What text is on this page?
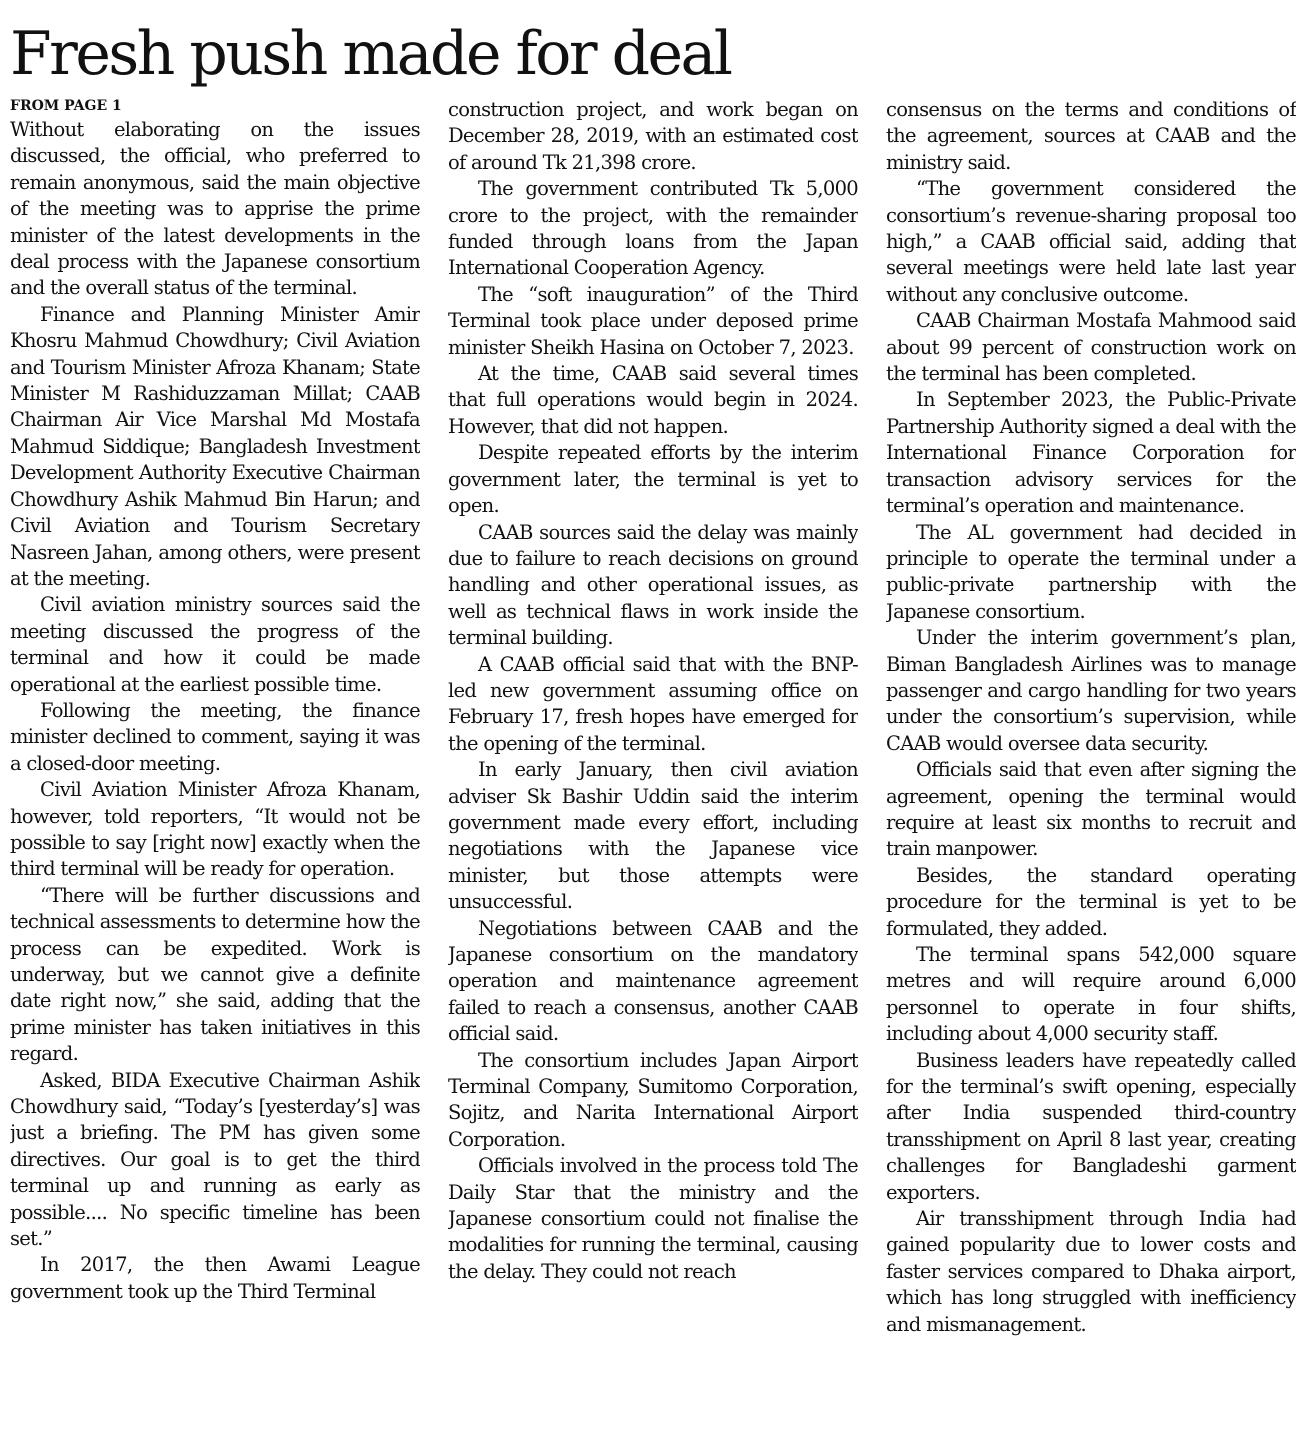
Fresh push made for deal
FROM PAGE 1

Without elaborating on the issues discussed, the official, who preferred to remain anonymous, said the main objective of the meeting was to apprise the prime minister of the latest developments in the deal process with the Japanese consortium and the overall status of the terminal.

Finance and Planning Minister Amir Khosru Mahmud Chowdhury; Civil Aviation and Tourism Minister Afroza Khanam; State Minister M Rashiduzzaman Millat; CAAB Chairman Air Vice Marshal Md Mostafa Mahmud Siddique; Bangladesh Investment Development Authority Executive Chairman Chowdhury Ashik Mahmud Bin Harun; and Civil Aviation and Tourism Secretary Nasreen Jahan, among others, were present at the meeting.

Civil aviation ministry sources said the meeting discussed the progress of the terminal and how it could be made operational at the earliest possible time.

Following the meeting, the finance minister declined to comment, saying it was a closed-door meeting.

Civil Aviation Minister Afroza Khanam, however, told reporters, “It would not be possible to say [right now] exactly when the third terminal will be ready for operation.

“There will be further discussions and technical assessments to determine how the process can be expedited. Work is underway, but we cannot give a definite date right now,” she said, adding that the prime minister has taken initiatives in this regard.

Asked, BIDA Executive Chairman Ashik Chowdhury said, “Today’s [yesterday’s] was just a briefing. The PM has given some directives. Our goal is to get the third terminal up and running as early as possible.... No specific timeline has been set.”

In 2017, the then Awami League government took up the Third Terminal

construction project, and work began on December 28, 2019, with an estimated cost of around Tk 21,398 crore.

The government contributed Tk 5,000 crore to the project, with the remainder funded through loans from the Japan International Cooperation Agency.

The “soft inauguration” of the Third Terminal took place under deposed prime minister Sheikh Hasina on October 7, 2023.

At the time, CAAB said several times that full operations would begin in 2024. However, that did not happen.

Despite repeated efforts by the interim government later, the terminal is yet to open.

CAAB sources said the delay was mainly due to failure to reach decisions on ground handling and other operational issues, as well as technical flaws in work inside the terminal building.

A CAAB official said that with the BNP-led new government assuming office on February 17, fresh hopes have emerged for the opening of the terminal.

In early January, then civil aviation adviser Sk Bashir Uddin said the interim government made every effort, including negotiations with the Japanese vice minister, but those attempts were unsuccessful.

Negotiations between CAAB and the Japanese consortium on the mandatory operation and maintenance agreement failed to reach a consensus, another CAAB official said.

The consortium includes Japan Airport Terminal Company, Sumitomo Corporation, Sojitz, and Narita International Airport Corporation.

Officials involved in the process told The Daily Star that the ministry and the Japanese consortium could not finalise the modalities for running the terminal, causing the delay. They could not reach

consensus on the terms and conditions of the agreement, sources at CAAB and the ministry said.

“The government considered the consortium’s revenue-sharing proposal too high,” a CAAB official said, adding that several meetings were held late last year without any conclusive outcome.

CAAB Chairman Mostafa Mahmood said about 99 percent of construction work on the terminal has been completed.

In September 2023, the Public-Private Partnership Authority signed a deal with the International Finance Corporation for transaction advisory services for the terminal’s operation and maintenance.

The AL government had decided in principle to operate the terminal under a public-private partnership with the Japanese consortium.

Under the interim government’s plan, Biman Bangladesh Airlines was to manage passenger and cargo handling for two years under the consortium’s supervision, while CAAB would oversee data security.

Officials said that even after signing the agreement, opening the terminal would require at least six months to recruit and train manpower.

Besides, the standard operating procedure for the terminal is yet to be formulated, they added.

The terminal spans 542,000 square metres and will require around 6,000 personnel to operate in four shifts, including about 4,000 security staff.

Business leaders have repeatedly called for the terminal’s swift opening, especially after India suspended third-country transshipment on April 8 last year, creating challenges for Bangladeshi garment exporters.

Air transshipment through India had gained popularity due to lower costs and faster services compared to Dhaka airport, which has long struggled with inefficiency and mismanagement.
